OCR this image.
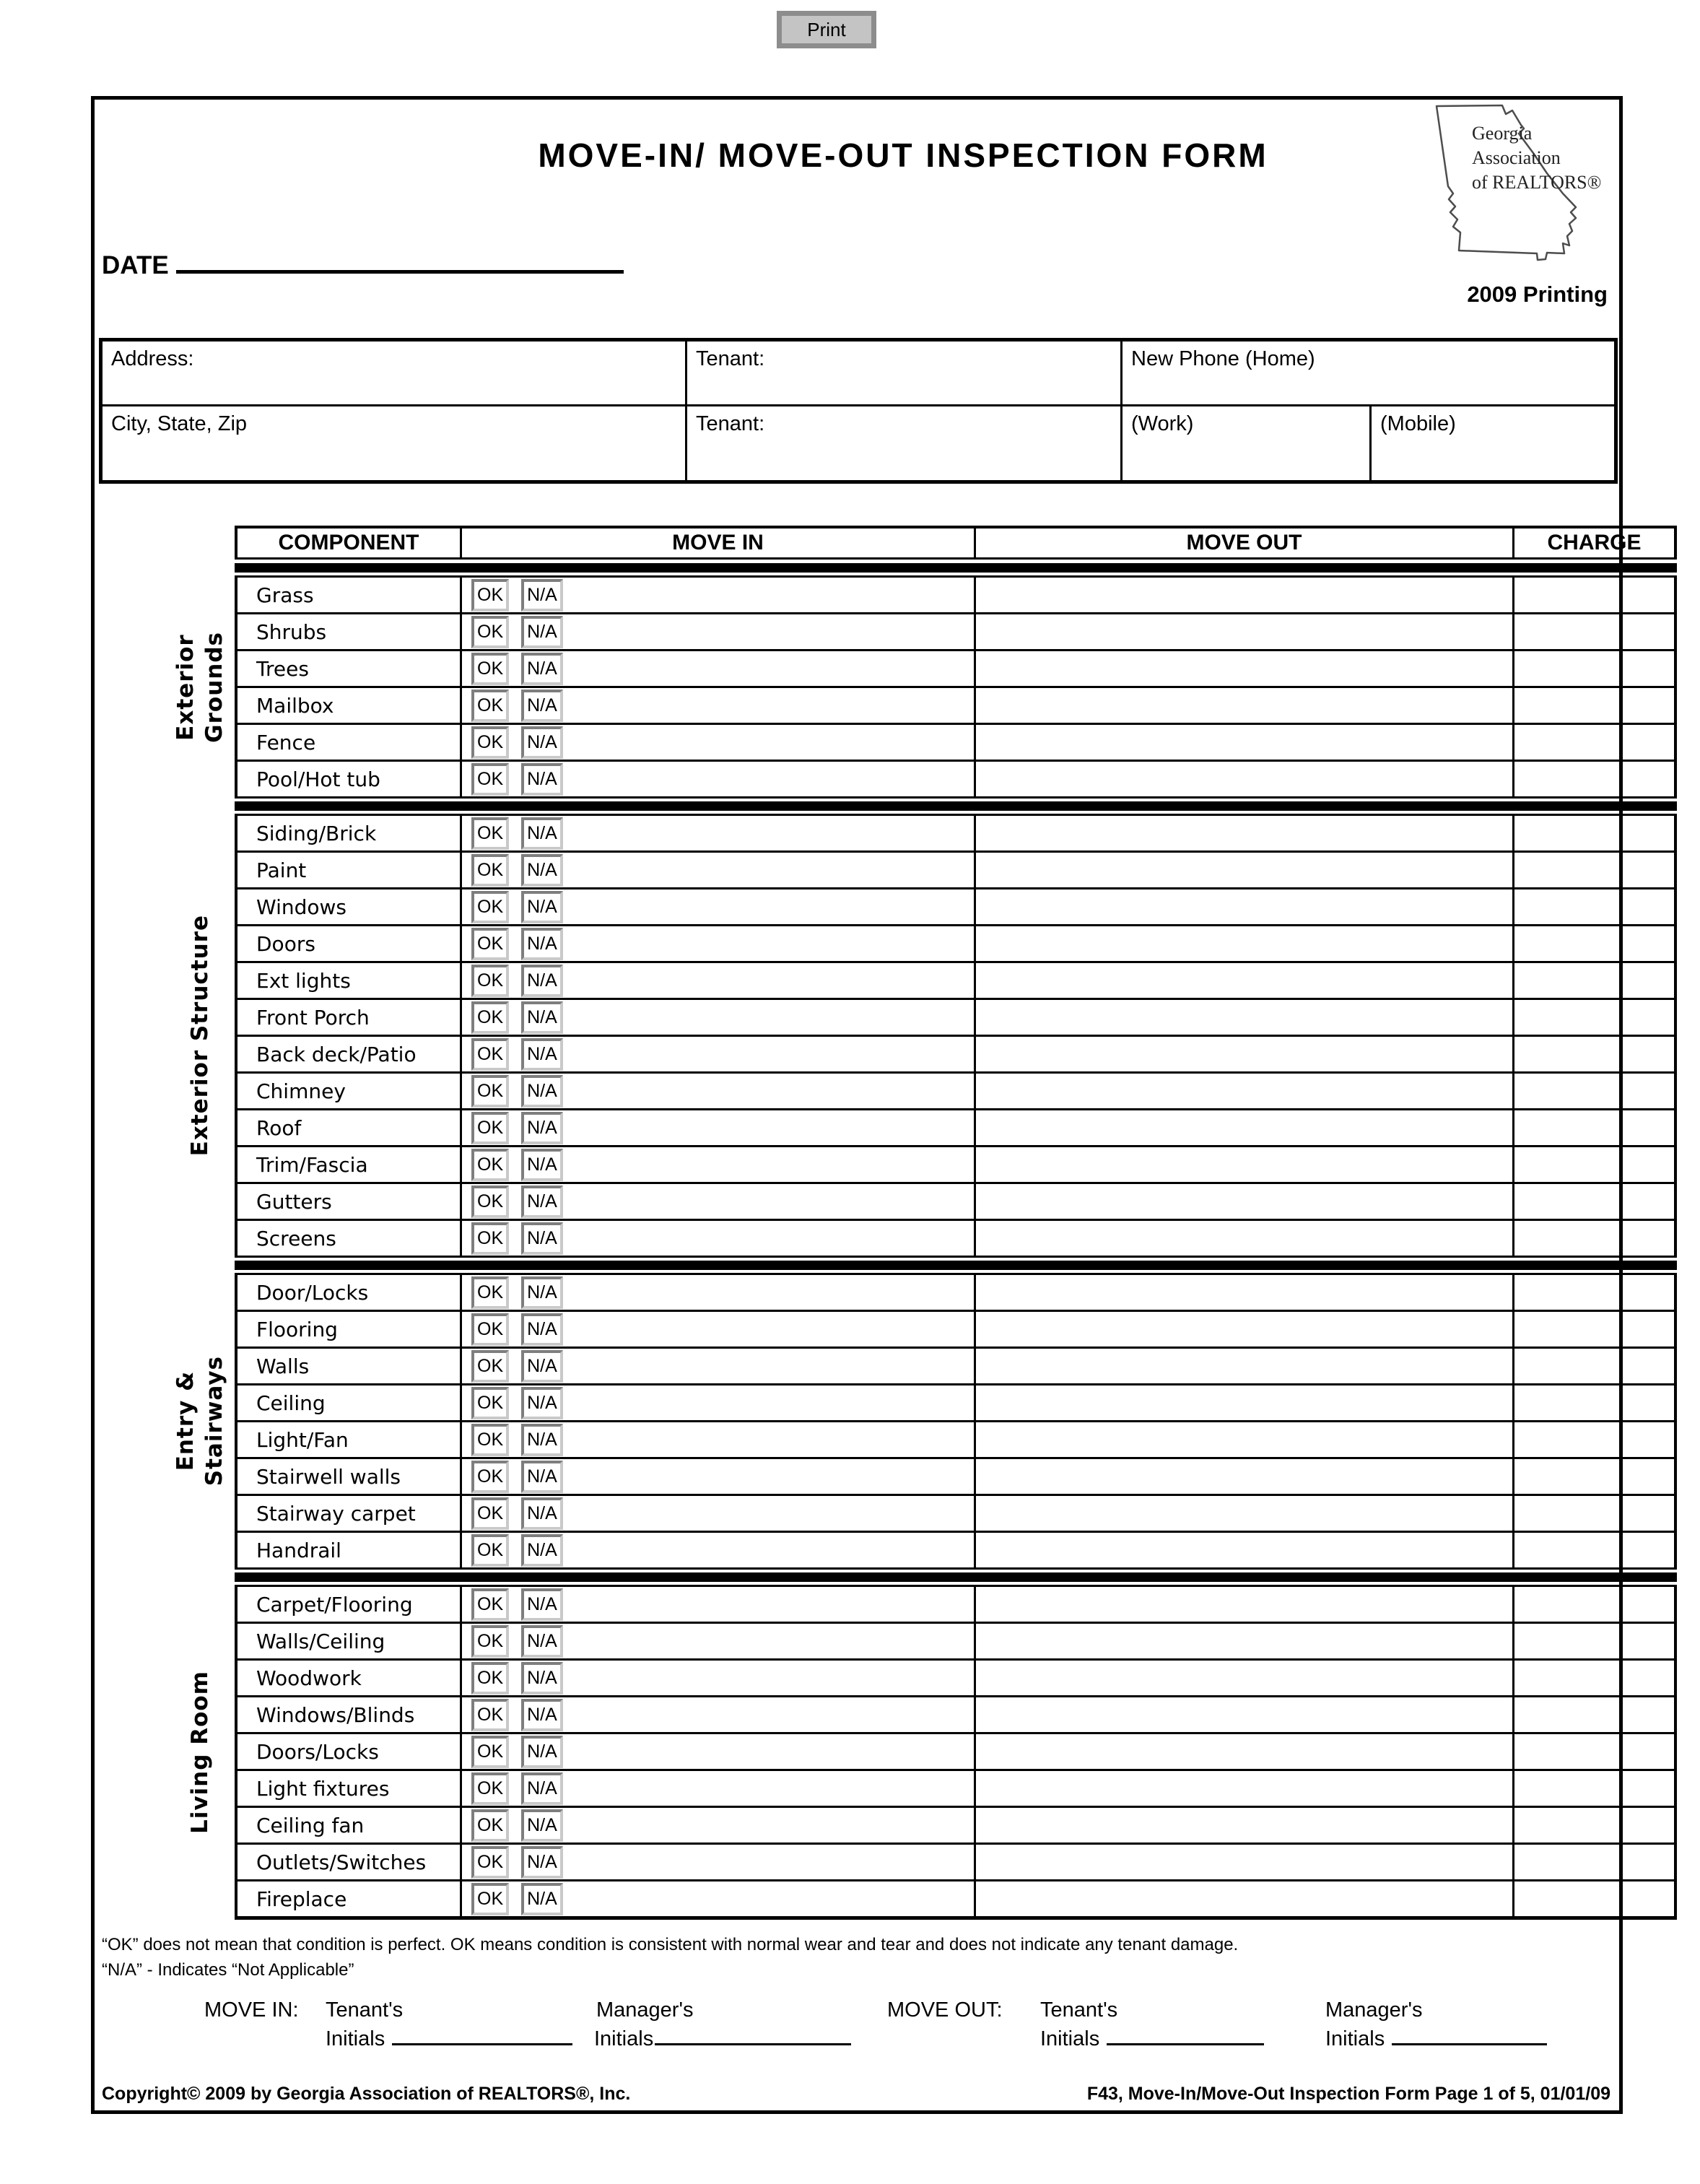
Print
MOVE-IN/ MOVE-OUT INSPECTION FORM
Georgia
Association
of REALTORS®
2009 Printing
DATE
Address:	Tenant:	New Phone (Home)
City, State, Zip	Tenant:	(Work)	(Mobile)
COMPONENT	MOVE IN	MOVE OUT	CHARGE
Exterior Grounds
Grass	OK	N/A
Shrubs	OK	N/A
Trees	OK	N/A
Mailbox	OK	N/A
Fence	OK	N/A
Pool/Hot tub	OK	N/A
Exterior Structure
Siding/Brick	OK	N/A
Paint	OK	N/A
Windows	OK	N/A
Doors	OK	N/A
Ext lights	OK	N/A
Front Porch	OK	N/A
Back deck/Patio	OK	N/A
Chimney	OK	N/A
Roof	OK	N/A
Trim/Fascia	OK	N/A
Gutters	OK	N/A
Screens	OK	N/A
Entry & Stairways
Door/Locks	OK	N/A
Flooring	OK	N/A
Walls	OK	N/A
Ceiling	OK	N/A
Light/Fan	OK	N/A
Stairwell walls	OK	N/A
Stairway carpet	OK	N/A
Handrail	OK	N/A
Living Room
Carpet/Flooring	OK	N/A
Walls/Ceiling	OK	N/A
Woodwork	OK	N/A
Windows/Blinds	OK	N/A
Doors/Locks	OK	N/A
Light fixtures	OK	N/A
Ceiling fan	OK	N/A
Outlets/Switches	OK	N/A
Fireplace	OK	N/A
“OK” does not mean that condition is perfect. OK means condition is consistent with normal wear and tear and does not indicate any tenant damage.
“N/A” - Indicates “Not Applicable”
MOVE IN: Tenant's	Manager's	MOVE OUT: Tenant's	Manager's
Initials	Initials	Initials	Initials
Copyright© 2009 by Georgia Association of REALTORS®, Inc.	F43, Move-In/Move-Out Inspection Form Page 1 of 5, 01/01/09
